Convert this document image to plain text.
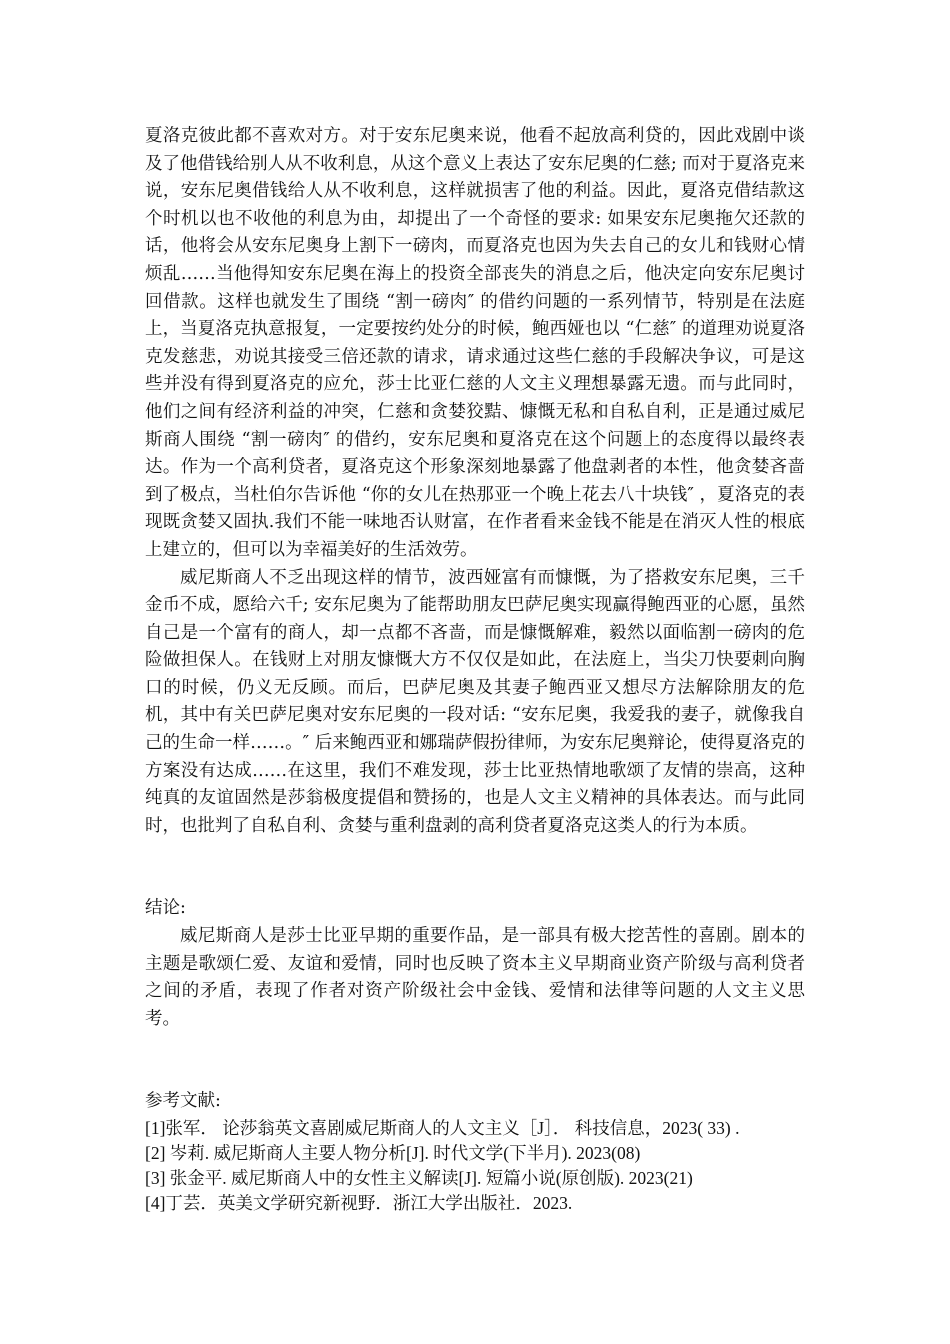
夏洛克彼此都不喜欢对方。对于安东尼奥来说，他看不起放高利贷的，因此戏剧中谈及了他借钱给别人从不收利息，从这个意义上表达了安东尼奥的仁慈; 而对于夏洛克来说，安东尼奥借钱给人从不收利息，这样就损害了他的利益。因此，夏洛克借结款这个时机以也不收他的利息为由，却提出了一个奇怪的要求: 如果安东尼奥拖欠还款的话，他将会从安东尼奥身上割下一磅肉，而夏洛克也因为失去自己的女儿和钱财心情烦乱……当他得知安东尼奥在海上的投资全部丧失的消息之后，他决定向安东尼奥讨回借款。这样也就发生了围绕 “割一磅肉″ 的借约问题的一系列情节，特别是在法庭上，当夏洛克执意报复，一定要按约处分的时候，鲍西娅也以 “仁慈″ 的道理劝说夏洛克发慈悲，劝说其接受三倍还款的请求，请求通过这些仁慈的手段解决争议，可是这些并没有得到夏洛克的应允，莎士比亚仁慈的人文主义理想暴露无遗。而与此同时，他们之间有经济利益的冲突，仁慈和贪婪狡黠、慷慨无私和自私自利，正是通过威尼斯商人围绕 “割一磅肉″ 的借约，安东尼奥和夏洛克在这个问题上的态度得以最终表达。作为一个高利贷者，夏洛克这个形象深刻地暴露了他盘剥者的本性，他贪婪吝啬到了极点，当杜伯尔告诉他 “你的女儿在热那亚一个晚上花去八十块钱″ ，夏洛克的表现既贪婪又固执.我们不能一味地否认财富，在作者看来金钱不能是在消灭人性的根底上建立的，但可以为幸福美好的生活效劳。

威尼斯商人不乏出现这样的情节，波西娅富有而慷慨，为了搭救安东尼奥，三千金币不成，愿给六千; 安东尼奥为了能帮助朋友巴萨尼奥实现赢得鲍西亚的心愿，虽然自己是一个富有的商人，却一点都不吝啬，而是慷慨解难，毅然以面临割一磅肉的危险做担保人。在钱财上对朋友慷慨大方不仅仅是如此，在法庭上，当尖刀快要刺向胸口的时候，仍义无反顾。而后，巴萨尼奥及其妻子鲍西亚又想尽方法解除朋友的危机，其中有关巴萨尼奥对安东尼奥的一段对话: “安东尼奥，我爱我的妻子，就像我自己的生命一样……。″ 后来鲍西亚和娜瑞萨假扮律师，为安东尼奥辩论，使得夏洛克的方案没有达成……在这里，我们不难发现，莎士比亚热情地歌颂了友情的崇高，这种纯真的友谊固然是莎翁极度提倡和赞扬的，也是人文主义精神的具体表达。而与此同时，也批判了自私自利、贪婪与重利盘剥的高利贷者夏洛克这类人的行为本质。

结论:

威尼斯商人是莎士比亚早期的重要作品，是一部具有极大挖苦性的喜剧。剧本的主题是歌颂仁爱、友谊和爱情，同时也反映了资本主义早期商业资产阶级与高利贷者之间的矛盾，表现了作者对资产阶级社会中金钱、爱情和法律等问题的人文主义思考。

参考文献:

[1]张军． 论莎翁英文喜剧威尼斯商人的人文主义［J］． 科技信息，2023( 33) .

[2] 岑莉. 威尼斯商人主要人物分析[J]. 时代文学(下半月). 2023(08)

[3] 张金平. 威尼斯商人中的女性主义解读[J]. 短篇小说(原创版). 2023(21)

[4]丁芸．英美文学研究新视野．浙江大学出版社．2023.
